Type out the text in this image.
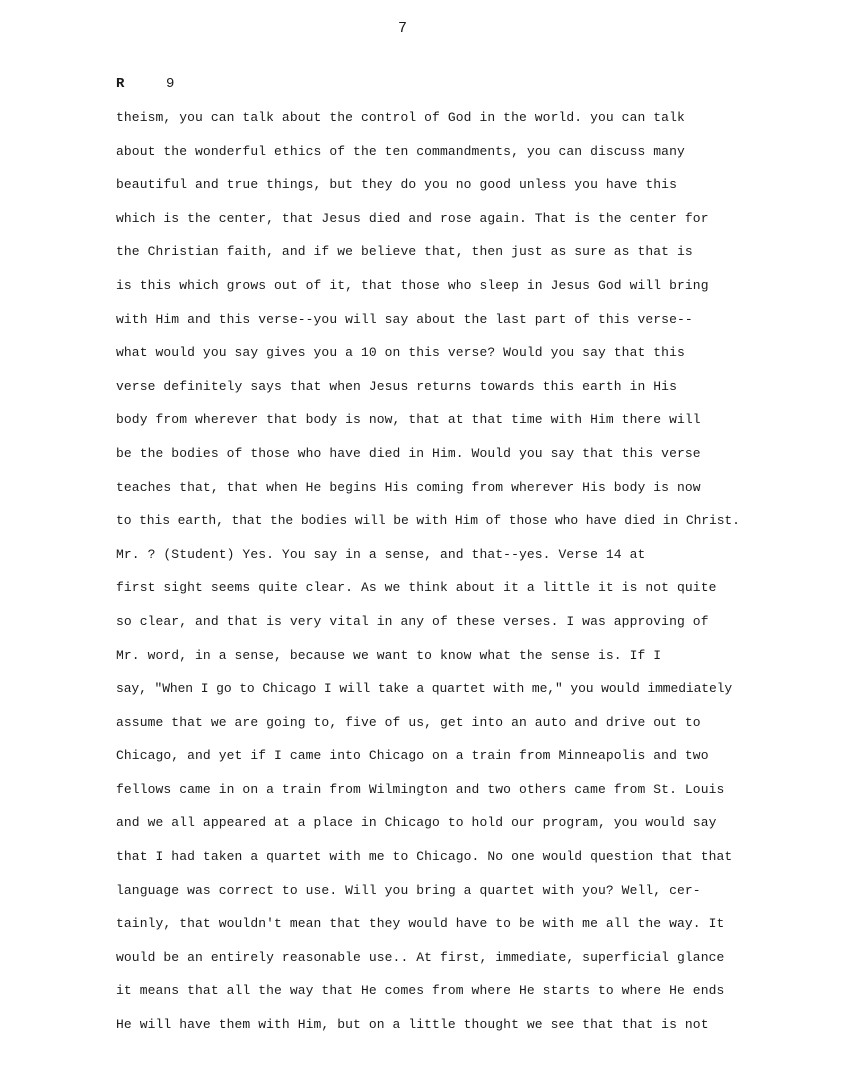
7
R	9
theism, you can talk about the control of God in the world. you can talk
about the wonderful ethics of the ten commandments, you can discuss many
beautiful and true things, but they do you no good unless you have this
which is the center, that Jesus died and rose again. That is the center for
the Christian faith, and if we believe that, then just as sure as that is
is this which grows out of it, that those who sleep in Jesus God will bring
with Him and this verse--you will say about the last part of this verse--
what would you say gives you a 10 on this verse? Would you say that this
verse definitely says that when Jesus returns towards this earth in His
body from wherever that body is now, that at that time with Him there will
be the bodies of those who have died in Him. Would you say that this verse
teaches that, that when He begins His coming from wherever His body is now
to this earth, that the bodies will be with Him of those who have died in Christ.
Mr. ? (Student) Yes. You say in a sense, and that--yes. Verse 14 at
first sight seems quite clear. As we think about it a little it is not quite
so clear, and that is very vital in any of these verses. I was approving of
Mr. word, in a sense, because we want to know what the sense is. If I
say, "When I go to Chicago I will take a quartet with me," you would immediately
assume that we are going to, five of us, get into an auto and drive out to
Chicago, and yet if I came into Chicago on a train from Minneapolis and two
fellows came in on a train from Wilmington and two others came from St. Louis
and we all appeared at a place in Chicago to hold our program, you would say
that I had taken a quartet with me to Chicago. No one would question that that
language was correct to use. Will you bring a quartet with you? Well, cer-
tainly, that wouldn't mean that they would have to be with me all the way. It
would be an entirely reasonable use.. At first, immediate, superficial glance
it means that all the way that He comes from where He starts to where He ends
He will have them with Him, but on a little thought we see that that is not
